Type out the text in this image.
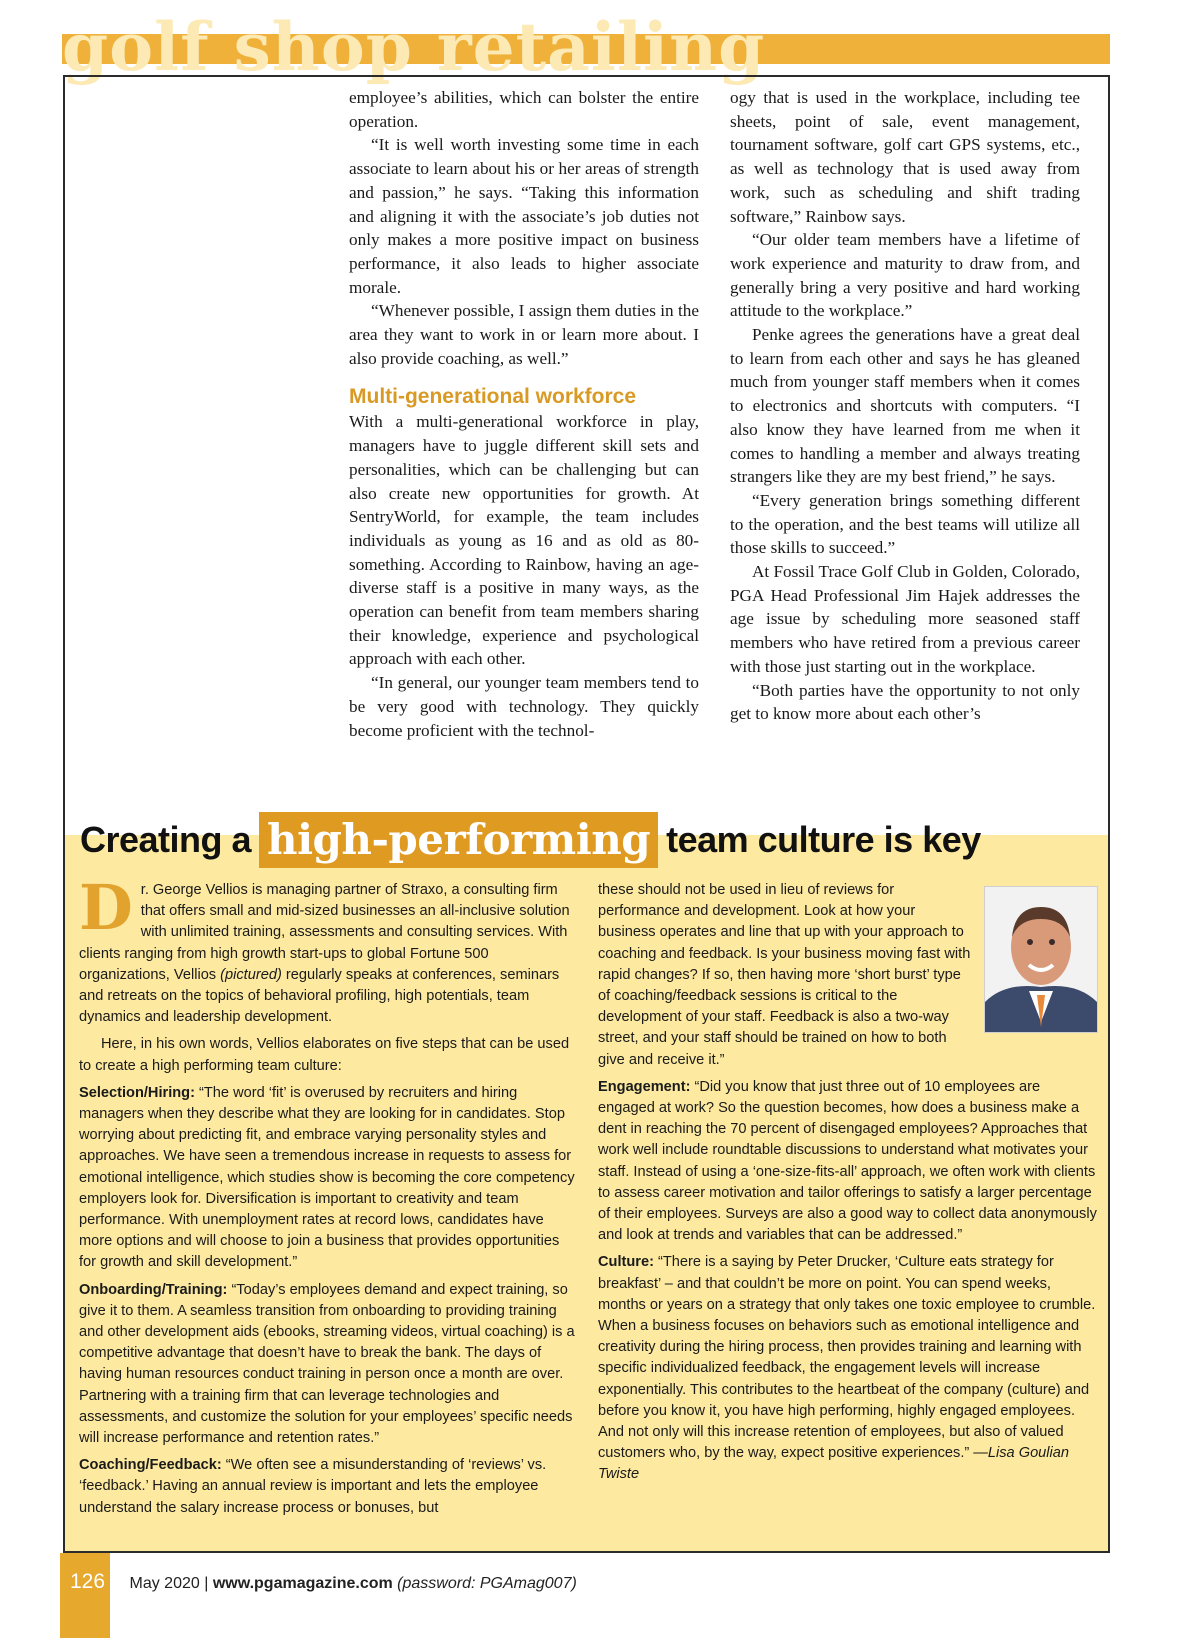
golf shop retailing

employee’s abilities, which can bolster the entire operation.

“It is well worth investing some time in each associate to learn about his or her areas of strength and passion,” he says. “Taking this information and aligning it with the associate’s job duties not only makes a more positive impact on business performance, it also leads to higher associate morale.

“Whenever possible, I assign them duties in the area they want to work in or learn more about. I also provide coaching, as well.”

Multi-generational workforce

With a multi-generational workforce in play, managers have to juggle different skill sets and personalities, which can be challenging but can also create new opportunities for growth. At SentryWorld, for example, the team includes individuals as young as 16 and as old as 80-something. According to Rainbow, having an age-diverse staff is a positive in many ways, as the operation can benefit from team members sharing their knowledge, experience and psychological approach with each other.

“In general, our younger team members tend to be very good with technology. They quickly become proficient with the technol-

ogy that is used in the workplace, including tee sheets, point of sale, event management, tournament software, golf cart GPS systems, etc., as well as technology that is used away from work, such as scheduling and shift trading software,” Rainbow says.

“Our older team members have a lifetime of work experience and maturity to draw from, and generally bring a very positive and hard working attitude to the workplace.”

Penke agrees the generations have a great deal to learn from each other and says he has gleaned much from younger staff members when it comes to electronics and shortcuts with computers. “I also know they have learned from me when it comes to handling a member and always treating strangers like they are my best friend,” he says.

“Every generation brings something different to the operation, and the best teams will utilize all those skills to succeed.”

At Fossil Trace Golf Club in Golden, Colorado, PGA Head Professional Jim Hajek addresses the age issue by scheduling more seasoned staff members who have retired from a previous career with those just starting out in the workplace.

“Both parties have the opportunity to not only get to know more about each other’s

Creating a high-performing team culture is key

Dr. George Vellios is managing partner of Straxo, a consulting firm that offers small and mid-sized businesses an all-inclusive solution with unlimited training, assessments and consulting services. With clients ranging from high growth start-ups to global Fortune 500 organizations, Vellios (pictured) regularly speaks at conferences, seminars and retreats on the topics of behavioral profiling, high potentials, team dynamics and leadership development.

Here, in his own words, Vellios elaborates on five steps that can be used to create a high performing team culture:

Selection/Hiring: “The word ‘fit’ is overused by recruiters and hiring managers when they describe what they are looking for in candidates. Stop worrying about predicting fit, and embrace varying personality styles and approaches. We have seen a tremendous increase in requests to assess for emotional intelligence, which studies show is becoming the core competency employers look for. Diversification is important to creativity and team performance. With unemployment rates at record lows, candidates have more options and will choose to join a business that provides opportunities for growth and skill development.”

Onboarding/Training: “Today’s employees demand and expect training, so give it to them. A seamless transition from onboarding to providing training and other development aids (ebooks, streaming videos, virtual coaching) is a competitive advantage that doesn’t have to break the bank. The days of having human resources conduct training in person once a month are over. Partnering with a training firm that can leverage technologies and assessments, and customize the solution for your employees’ specific needs will increase performance and retention rates.”

Coaching/Feedback: “We often see a misunderstanding of ‘reviews’ vs. ‘feedback.’ Having an annual review is important and lets the employee understand the salary increase process or bonuses, but

these should not be used in lieu of reviews for performance and development. Look at how your business operates and line that up with your approach to coaching and feedback. Is your business moving fast with rapid changes? If so, then having more ‘short burst’ type of coaching/feedback sessions is critical to the development of your staff. Feedback is also a two-way street, and your staff should be trained on how to both give and receive it.”

Engagement: “Did you know that just three out of 10 employees are engaged at work? So the question becomes, how does a business make a dent in reaching the 70 percent of disengaged employees? Approaches that work well include roundtable discussions to understand what motivates your staff. Instead of using a ‘one-size-fits-all’ approach, we often work with clients to assess career motivation and tailor offerings to satisfy a larger percentage of their employees. Surveys are also a good way to collect data anonymously and look at trends and variables that can be addressed.”

Culture: “There is a saying by Peter Drucker, ‘Culture eats strategy for breakfast’ – and that couldn’t be more on point. You can spend weeks, months or years on a strategy that only takes one toxic employee to crumble. When a business focuses on behaviors such as emotional intelligence and creativity during the hiring process, then provides training and learning with specific individualized feedback, the engagement levels will increase exponentially. This contributes to the heartbeat of the company (culture) and before you know it, you have high performing, highly engaged employees. And not only will this increase retention of employees, but also of valued customers who, by the way, expect positive experiences.” —Lisa Goulian Twiste

126 May 2020 | www.pgamagazine.com (password: PGAmag007)
